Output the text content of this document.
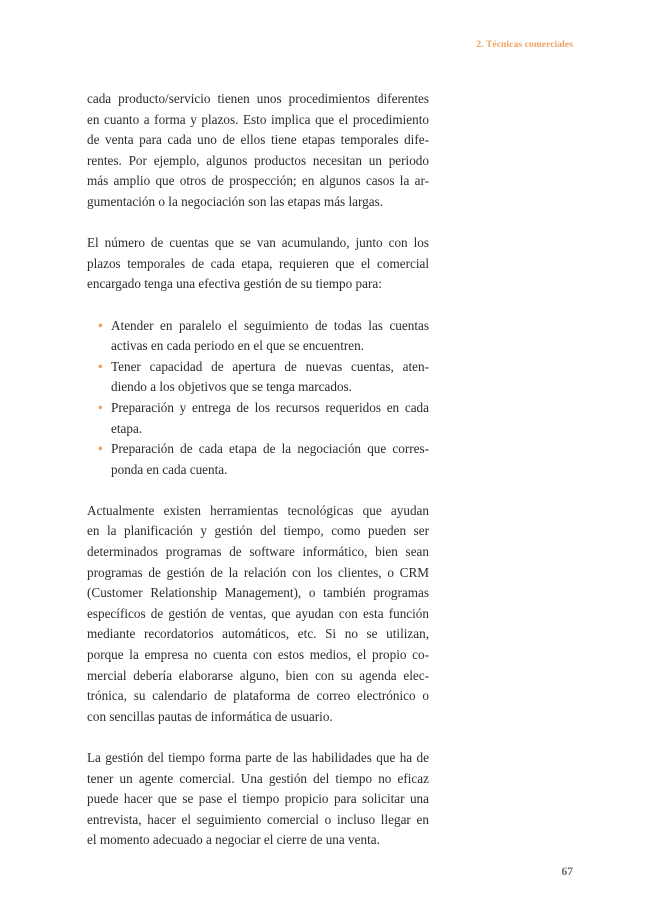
2. Técnicas comerciales

cada producto/servicio tienen unos procedimientos diferentes
en cuanto a forma y plazos. Esto implica que el procedimiento
de venta para cada uno de ellos tiene etapas temporales dife-
rentes. Por ejemplo, algunos productos necesitan un periodo
más amplio que otros de prospección; en algunos casos la ar-
gumentación o la negociación son las etapas más largas.

El número de cuentas que se van acumulando, junto con los
plazos temporales de cada etapa, requieren que el comercial
encargado tenga una efectiva gestión de su tiempo para:

• Atender en paralelo el seguimiento de todas las cuentas
activas en cada periodo en el que se encuentren.
• Tener capacidad de apertura de nuevas cuentas, aten-
diendo a los objetivos que se tenga marcados.
• Preparación y entrega de los recursos requeridos en cada
etapa.
• Preparación de cada etapa de la negociación que corres-
ponda en cada cuenta.

Actualmente existen herramientas tecnológicas que ayudan
en la planificación y gestión del tiempo, como pueden ser
determinados programas de software informático, bien sean
programas de gestión de la relación con los clientes, o CRM
(Customer Relationship Management), o también programas
específicos de gestión de ventas, que ayudan con esta función
mediante recordatorios automáticos, etc. Si no se utilizan,
porque la empresa no cuenta con estos medios, el propio co-
mercial debería elaborarse alguno, bien con su agenda elec-
trónica, su calendario de plataforma de correo electrónico o
con sencillas pautas de informática de usuario.

La gestión del tiempo forma parte de las habilidades que ha de
tener un agente comercial. Una gestión del tiempo no eficaz
puede hacer que se pase el tiempo propicio para solicitar una
entrevista, hacer el seguimiento comercial o incluso llegar en
el momento adecuado a negociar el cierre de una venta.

67
